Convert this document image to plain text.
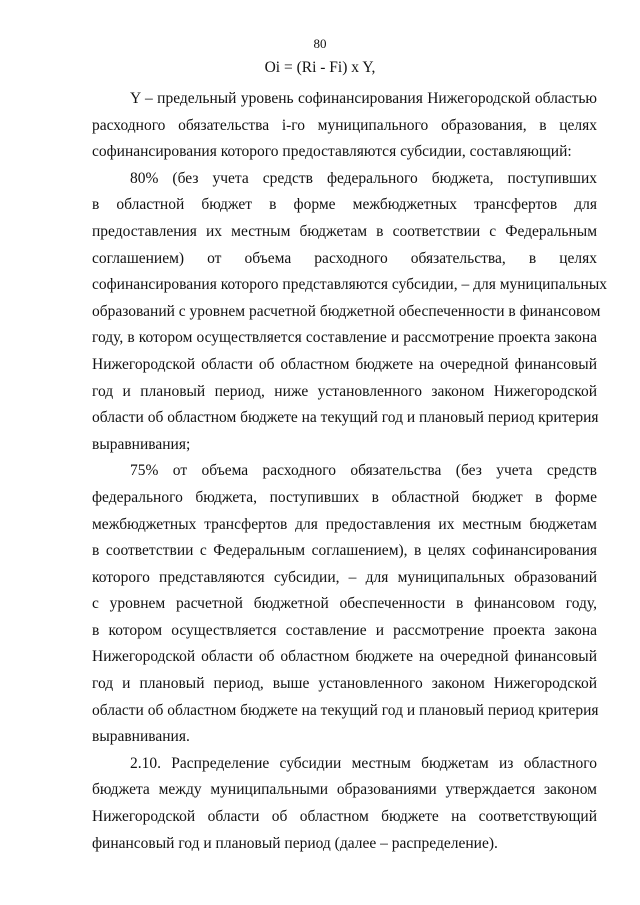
80
Oi = (Ri - Fi) x Y,
Y – предельный уровень софинансирования Нижегородской областью
расходного обязательства i-го муниципального образования, в целях
софинансирования которого предоставляются субсидии, составляющий:
80% (без учета средств федерального бюджета, поступивших
в областной бюджет в форме межбюджетных трансфертов для
предоставления их местным бюджетам в соответствии с Федеральным
соглашением) от объема расходного обязательства, в целях
софинансирования которого представляются субсидии, – для муниципальных
образований с уровнем расчетной бюджетной обеспеченности в финансовом
году, в котором осуществляется составление и рассмотрение проекта закона
Нижегородской области об областном бюджете на очередной финансовый
год и плановый период, ниже установленного законом Нижегородской
области об областном бюджете на текущий год и плановый период критерия
выравнивания;
75% от объема расходного обязательства (без учета средств
федерального бюджета, поступивших в областной бюджет в форме
межбюджетных трансфертов для предоставления их местным бюджетам
в соответствии с Федеральным соглашением), в целях софинансирования
которого представляются субсидии, – для муниципальных образований
с уровнем расчетной бюджетной обеспеченности в финансовом году,
в котором осуществляется составление и рассмотрение проекта закона
Нижегородской области об областном бюджете на очередной финансовый
год и плановый период, выше установленного законом Нижегородской
области об областном бюджете на текущий год и плановый период критерия
выравнивания.
2.10. Распределение субсидии местным бюджетам из областного
бюджета между муниципальными образованиями утверждается законом
Нижегородской области об областном бюджете на соответствующий
финансовый год и плановый период (далее – распределение).
